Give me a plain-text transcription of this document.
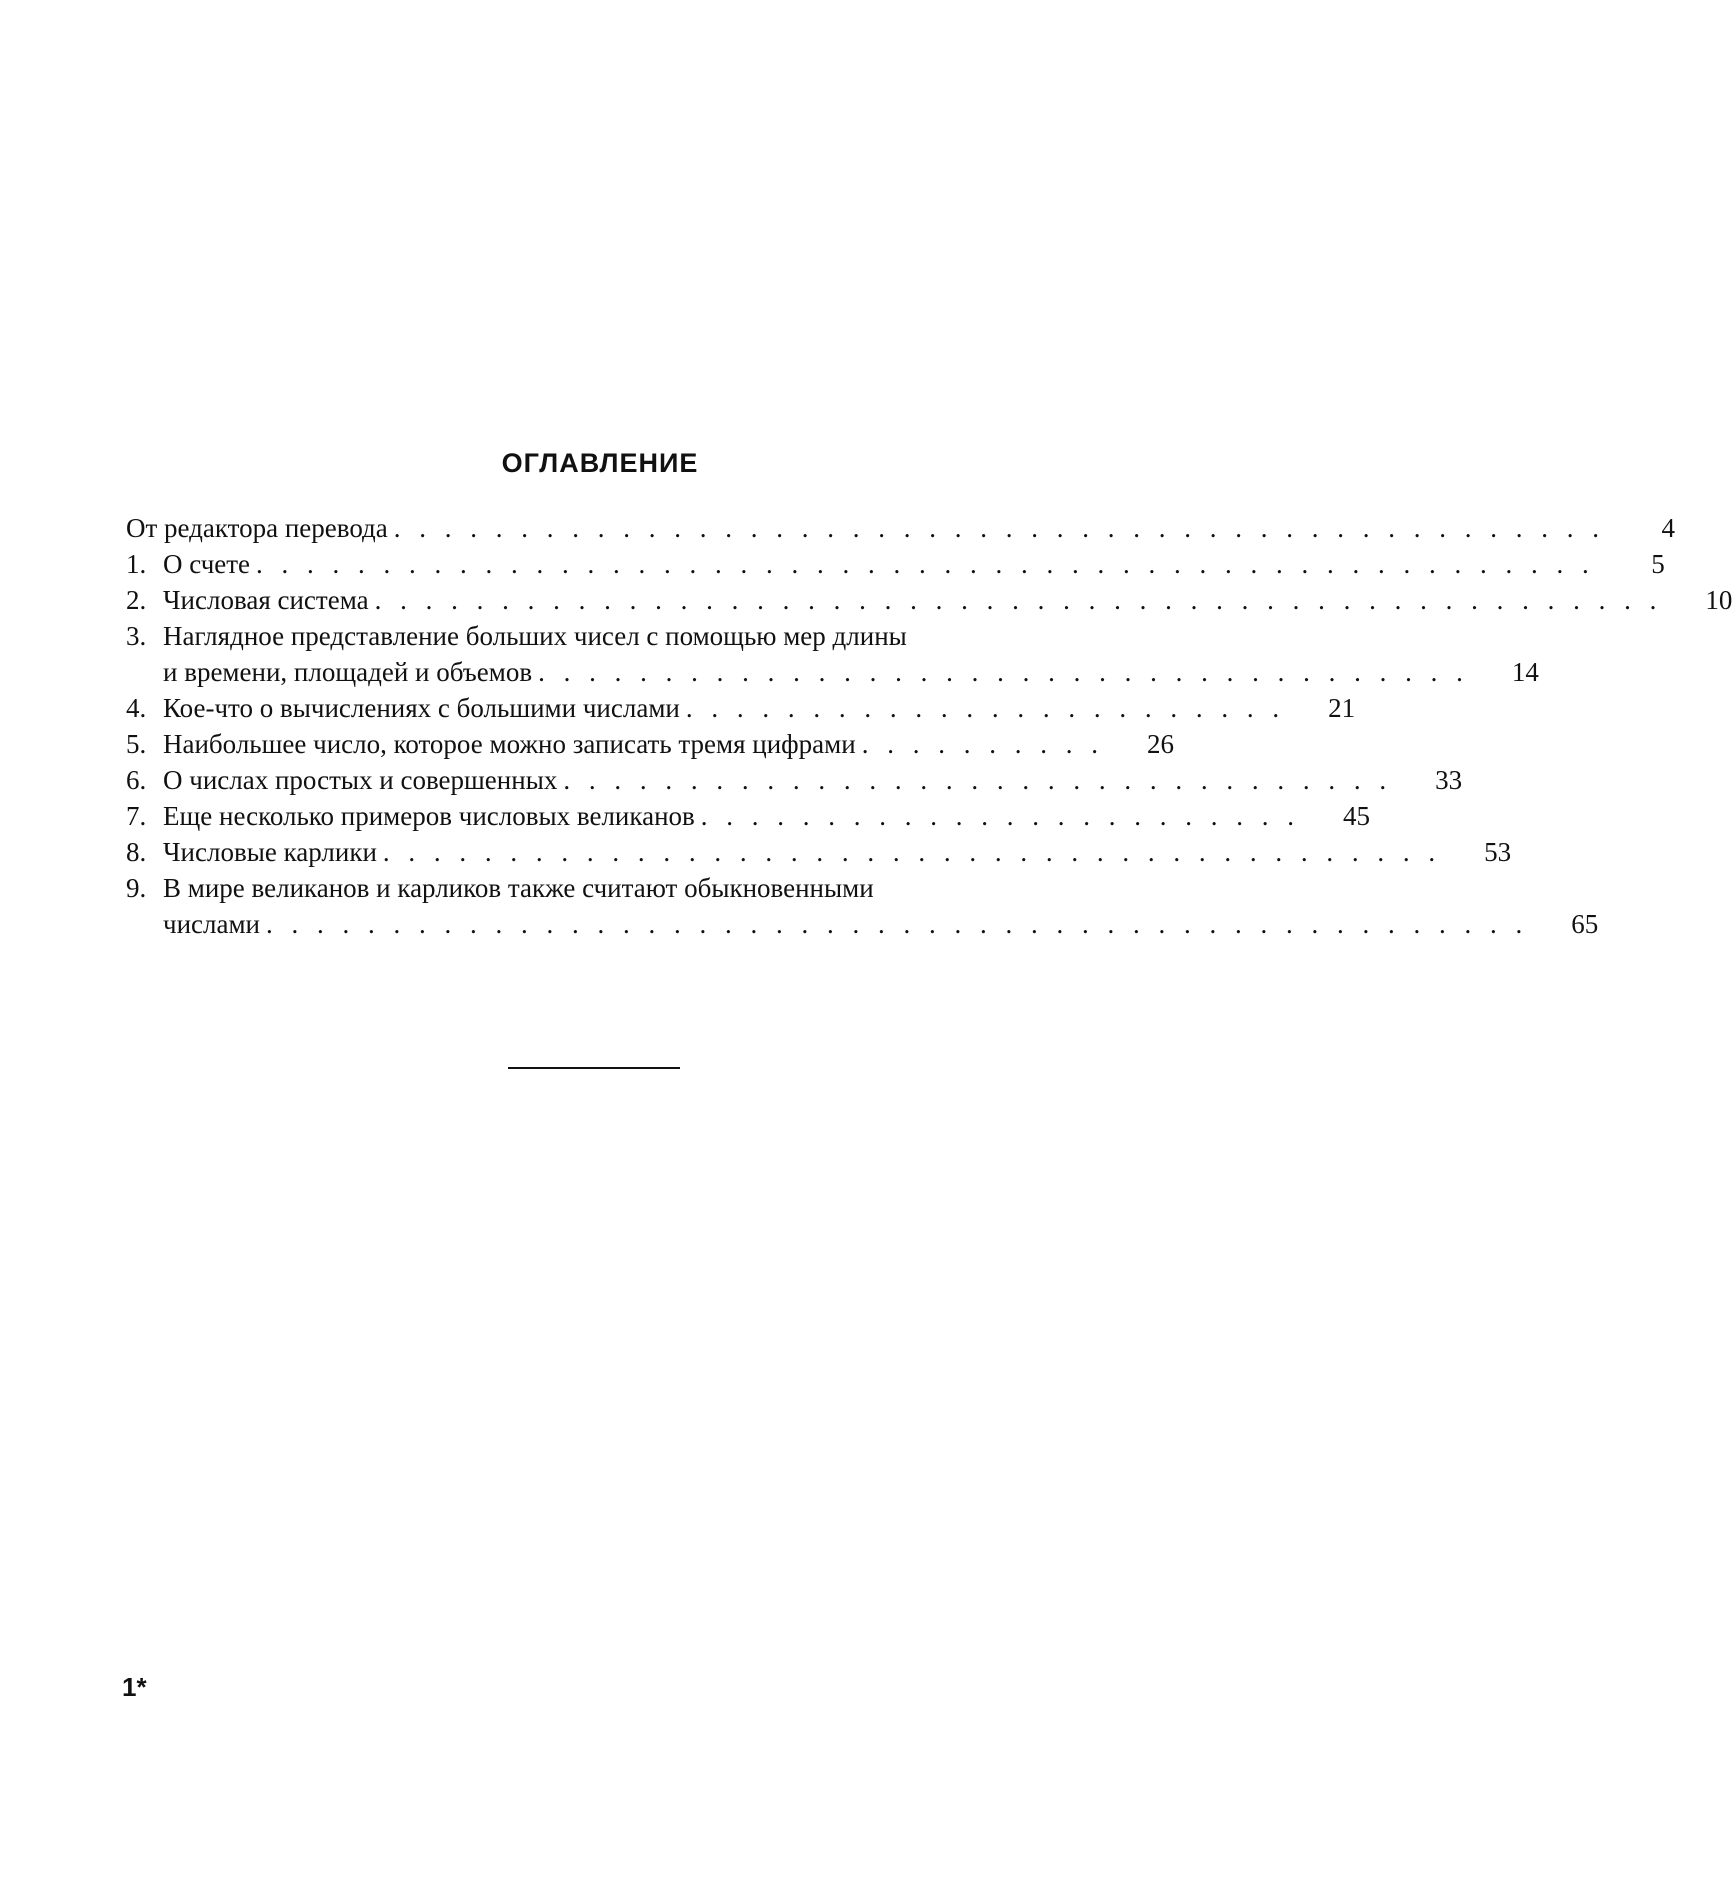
ОГЛАВЛЕНИЕ
От редактора перевода . . . . . . . . . . . . . . . . . . . . . . . . . . . . . . . . . . . . . . . . . . . . . . . .	4
1. О счете . . . . . . . . . . . . . . . . . . . . . . . . . . . . . . . . . . . . . . . . . . . . . . . . . . . . .	5
2. Числовая система . . . . . . . . . . . . . . . . . . . . . . . . . . . . . . . . . . . . . . . . . . . . . . . . . . .	10
3. Наглядное представление больших чисел с помощью мер длины
и времени, площадей и объемов . . . . . . . . . . . . . . . . . . . . . . . . . . . . . . . . . . . . .	14
4. Кое-что о вычислениях с большими числами . . . . . . . . . . . . . . . . . . . . . . . .	21
5. Наибольшее число, которое можно записать тремя цифрами . . . . . . . . . .	26
6. О числах простых и совершенных . . . . . . . . . . . . . . . . . . . . . . . . . . . . . . . . .	33
7. Еще несколько примеров числовых великанов . . . . . . . . . . . . . . . . . . . . . . . .	45
8. Числовые карлики . . . . . . . . . . . . . . . . . . . . . . . . . . . . . . . . . . . . . . . . . .	53
9. В мире великанов и карликов также считают обыкновенными
числами . . . . . . . . . . . . . . . . . . . . . . . . . . . . . . . . . . . . . . . . . . . . . . . . . .	65
1*
